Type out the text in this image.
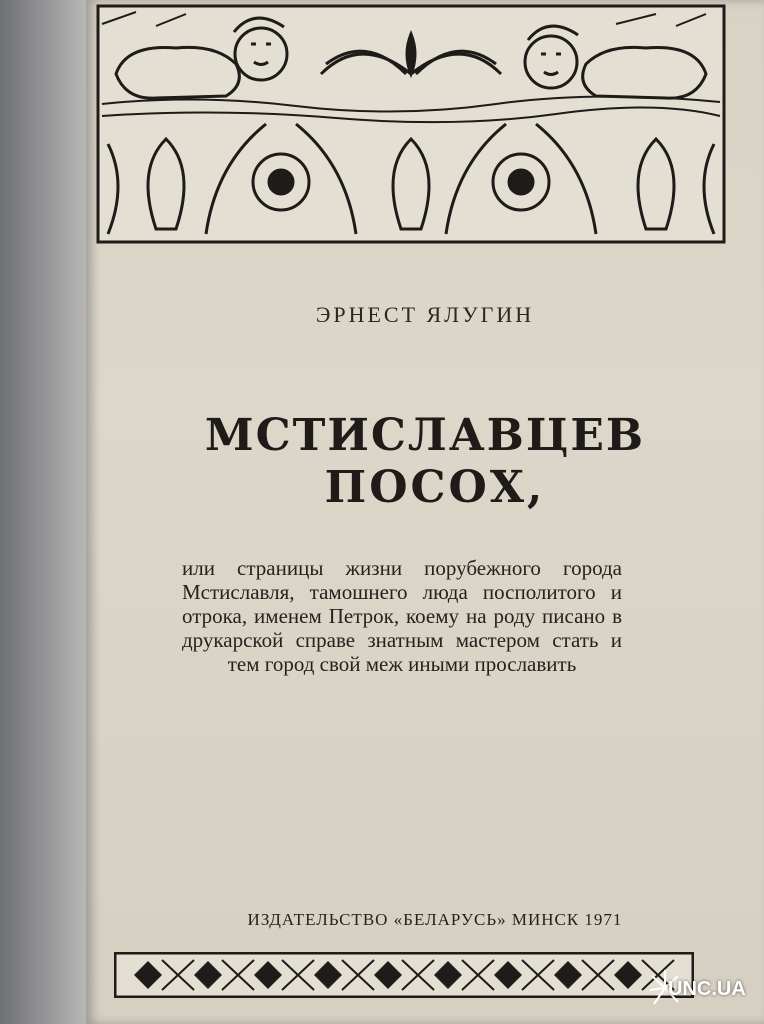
ЭРНЕСТ ЯЛУГИН
МСТИСЛАВЦЕВ
ПОСОХ,
или страницы жизни порубежного города Мстиславля, тамошнего люда посполитого и отрока, именем Петрок, коему на роду писано в друкарской справе знатным мастером стать и тем город свой меж иными прославить
ИЗДАТЕЛЬСТВО «БЕЛАРУСЬ» МИНСК 1971
UNC.UA
